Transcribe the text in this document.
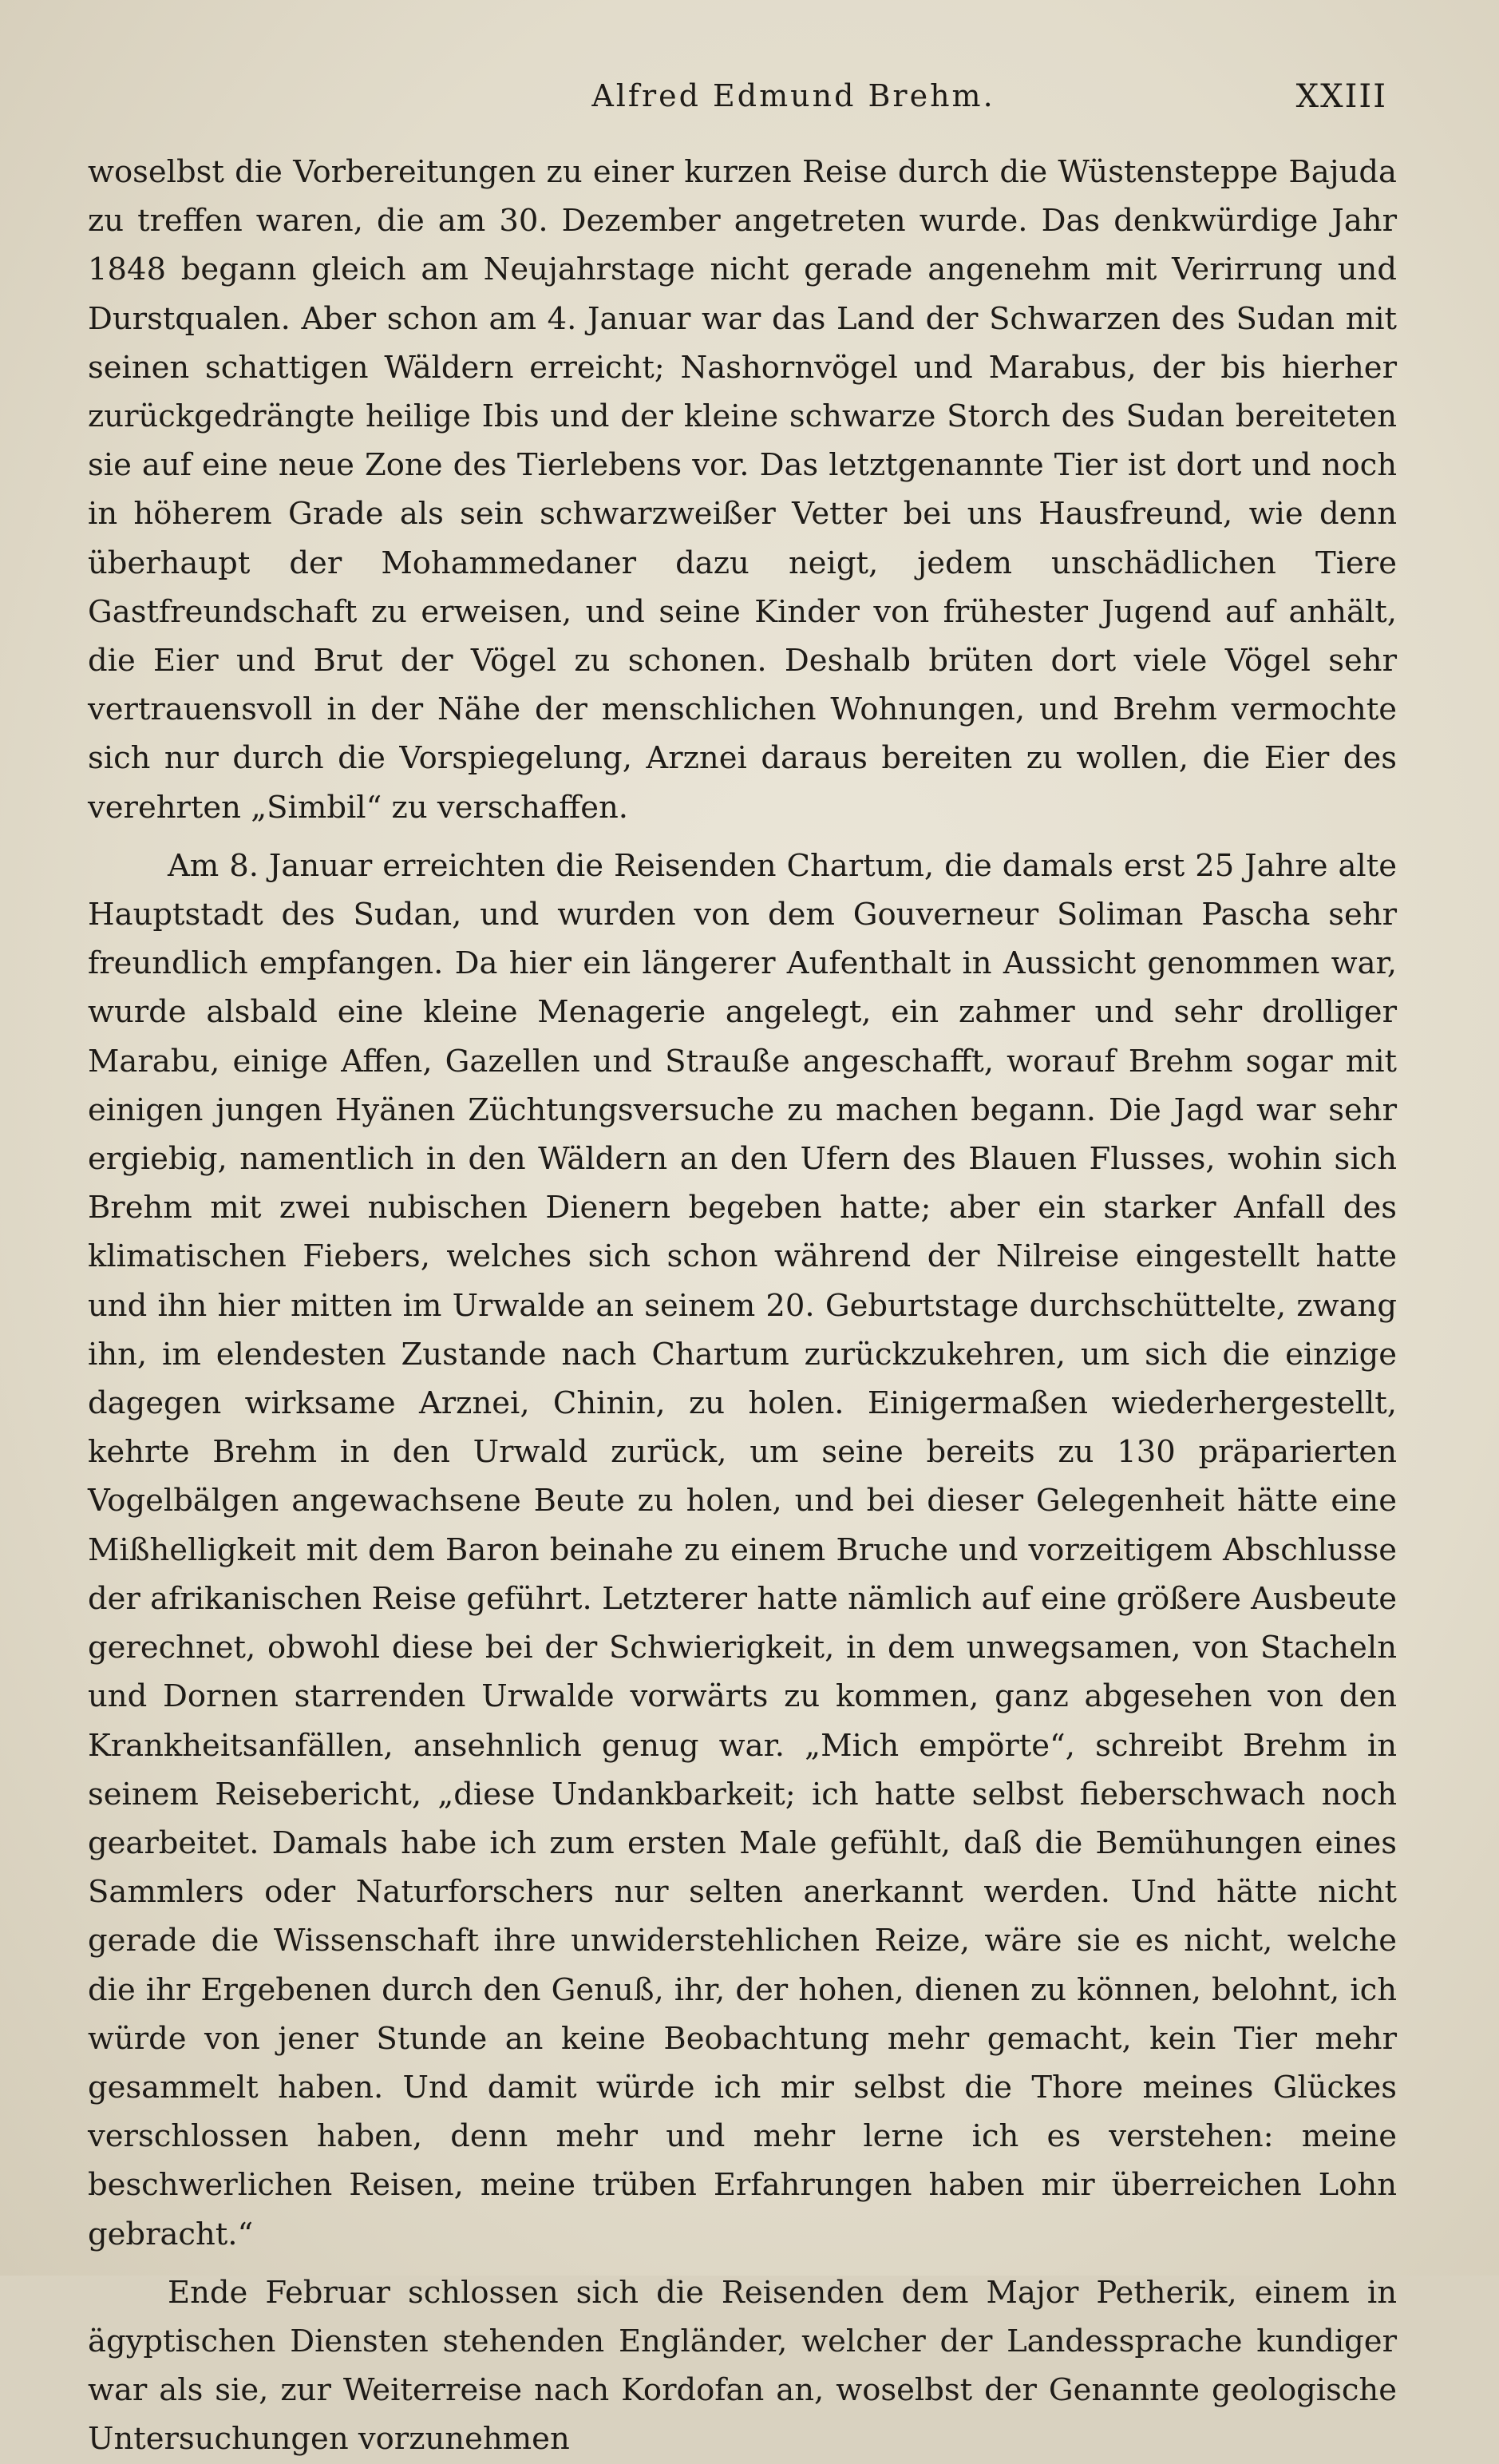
Alfred Edmund Brehm.	XXIII

woselbst die Vorbereitungen zu einer kurzen Reise durch die Wüstensteppe Bajuda zu treffen waren, die am 30. Dezember angetreten wurde. Das denkwürdige Jahr 1848 begann gleich am Neujahrstage nicht gerade angenehm mit Verirrung und Durstqualen. Aber schon am 4. Januar war das Land der Schwarzen des Sudan mit seinen schattigen Wäldern erreicht; Nashornvögel und Marabus, der bis hierher zurückgedrängte heilige Ibis und der kleine schwarze Storch des Sudan bereiteten sie auf eine neue Zone des Tierlebens vor. Das letztgenannte Tier ist dort und noch in höherem Grade als sein schwarzweißer Vetter bei uns Hausfreund, wie denn überhaupt der Mohammedaner dazu neigt, jedem unschädlichen Tiere Gastfreundschaft zu erweisen, und seine Kinder von frühester Jugend auf anhält, die Eier und Brut der Vögel zu schonen. Deshalb brüten dort viele Vögel sehr vertrauensvoll in der Nähe der menschlichen Wohnungen, und Brehm vermochte sich nur durch die Vorspiegelung, Arznei daraus bereiten zu wollen, die Eier des verehrten „Simbil“ zu verschaffen.

Am 8. Januar erreichten die Reisenden Chartum, die damals erst 25 Jahre alte Hauptstadt des Sudan, und wurden von dem Gouverneur Soliman Pascha sehr freundlich empfangen. Da hier ein längerer Aufenthalt in Aussicht genommen war, wurde alsbald eine kleine Menagerie angelegt, ein zahmer und sehr drolliger Marabu, einige Affen, Gazellen und Strauße angeschafft, worauf Brehm sogar mit einigen jungen Hyänen Züchtungsversuche zu machen begann. Die Jagd war sehr ergiebig, namentlich in den Wäldern an den Ufern des Blauen Flusses, wohin sich Brehm mit zwei nubischen Dienern begeben hatte; aber ein starker Anfall des klimatischen Fiebers, welches sich schon während der Nilreise eingestellt hatte und ihn hier mitten im Urwalde an seinem 20. Geburtstage durchschüttelte, zwang ihn, im elendesten Zustande nach Chartum zurückzukehren, um sich die einzige dagegen wirksame Arznei, Chinin, zu holen. Einigermaßen wiederhergestellt, kehrte Brehm in den Urwald zurück, um seine bereits zu 130 präparierten Vogelbälgen angewachsene Beute zu holen, und bei dieser Gelegenheit hätte eine Mißhelligkeit mit dem Baron beinahe zu einem Bruche und vorzeitigem Abschlusse der afrikanischen Reise geführt. Letzterer hatte nämlich auf eine größere Ausbeute gerechnet, obwohl diese bei der Schwierigkeit, in dem unwegsamen, von Stacheln und Dornen starrenden Urwalde vorwärts zu kommen, ganz abgesehen von den Krankheitsanfällen, ansehnlich genug war. „Mich empörte“, schreibt Brehm in seinem Reisebericht, „diese Undankbarkeit; ich hatte selbst fieberschwach noch gearbeitet. Damals habe ich zum ersten Male gefühlt, daß die Bemühungen eines Sammlers oder Naturforschers nur selten anerkannt werden. Und hätte nicht gerade die Wissenschaft ihre unwiderstehlichen Reize, wäre sie es nicht, welche die ihr Ergebenen durch den Genuß, ihr, der hohen, dienen zu können, belohnt, ich würde von jener Stunde an keine Beobachtung mehr gemacht, kein Tier mehr gesammelt haben. Und damit würde ich mir selbst die Thore meines Glückes verschlossen haben, denn mehr und mehr lerne ich es verstehen: meine beschwerlichen Reisen, meine trüben Erfahrungen haben mir überreichen Lohn gebracht.“

Ende Februar schlossen sich die Reisenden dem Major Petherik, einem in ägyptischen Diensten stehenden Engländer, welcher der Landessprache kundiger war als sie, zur Weiterreise nach Kordofan an, woselbst der Genannte geologische Untersuchungen vorzunehmen
